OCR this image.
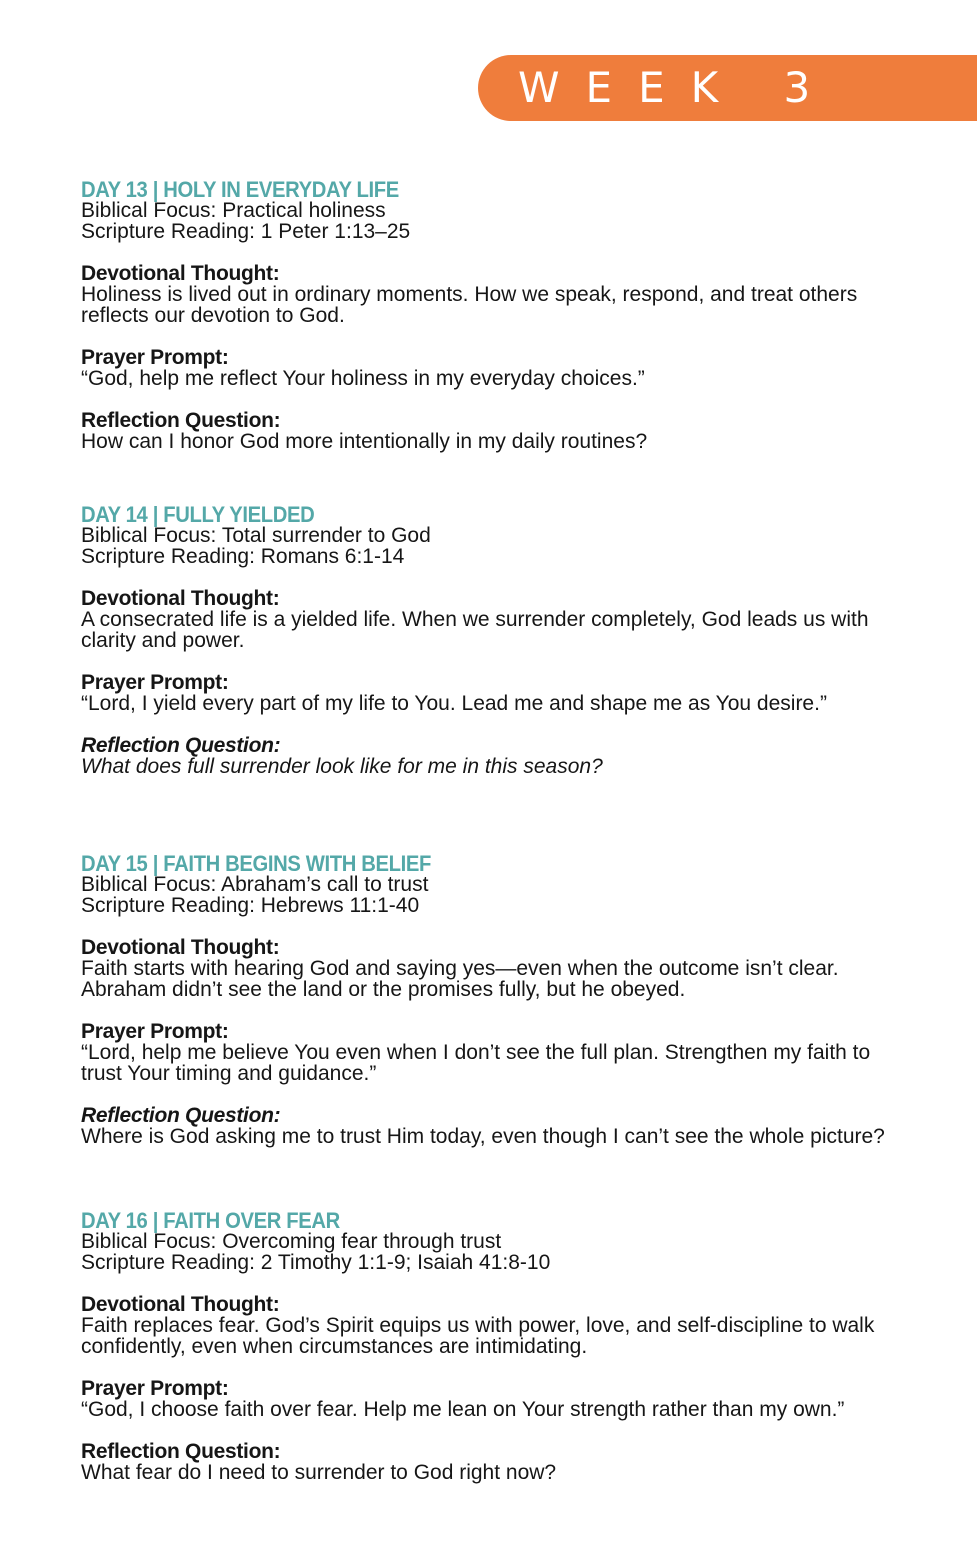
WEEK 3
DAY 13 | HOLY IN EVERYDAY LIFE
Biblical Focus: Practical holiness
Scripture Reading: 1 Peter 1:13–25
Devotional Thought:
Holiness is lived out in ordinary moments. How we speak, respond, and treat others
reflects our devotion to God.
Prayer Prompt:
“God, help me reflect Your holiness in my everyday choices.”
Reflection Question:
How can I honor God more intentionally in my daily routines?
DAY 14 | FULLY YIELDED
Biblical Focus: Total surrender to God
Scripture Reading: Romans 6:1-14
Devotional Thought:
A consecrated life is a yielded life. When we surrender completely, God leads us with
clarity and power.
Prayer Prompt:
“Lord, I yield every part of my life to You. Lead me and shape me as You desire.”
Reflection Question:
What does full surrender look like for me in this season?
DAY 15 | FAITH BEGINS WITH BELIEF
Biblical Focus: Abraham’s call to trust
Scripture Reading: Hebrews 11:1-40
Devotional Thought:
Faith starts with hearing God and saying yes—even when the outcome isn’t clear.
Abraham didn’t see the land or the promises fully, but he obeyed.
Prayer Prompt:
“Lord, help me believe You even when I don’t see the full plan. Strengthen my faith to
trust Your timing and guidance.”
Reflection Question:
Where is God asking me to trust Him today, even though I can’t see the whole picture?
DAY 16 | FAITH OVER FEAR
Biblical Focus: Overcoming fear through trust
Scripture Reading: 2 Timothy 1:1-9; Isaiah 41:8-10
Devotional Thought:
Faith replaces fear. God’s Spirit equips us with power, love, and self-discipline to walk
confidently, even when circumstances are intimidating.
Prayer Prompt:
“God, I choose faith over fear. Help me lean on Your strength rather than my own.”
Reflection Question:
What fear do I need to surrender to God right now?
